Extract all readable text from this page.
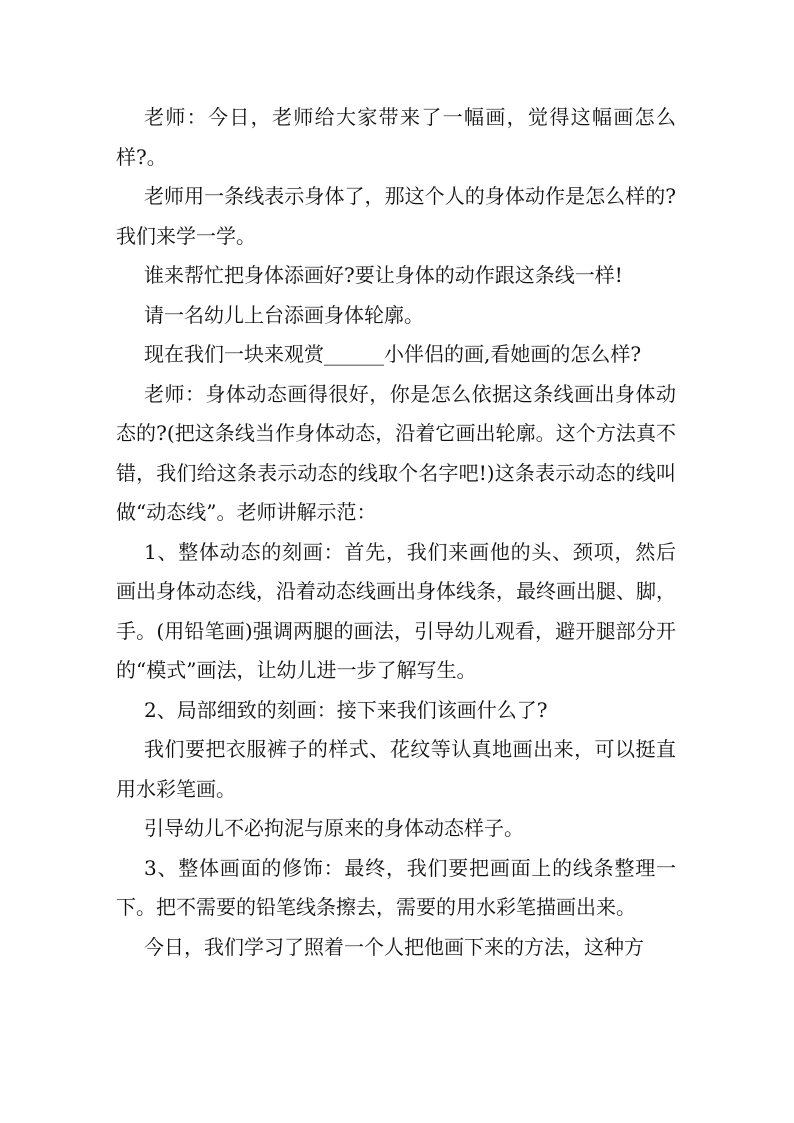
老师：今日，老师给大家带来了一幅画，觉得这幅画怎么样?。

老师用一条线表示身体了，那这个人的身体动作是怎么样的?我们来学一学。

谁来帮忙把身体添画好?要让身体的动作跟这条线一样!

请一名幼儿上台添画身体轮廓。

现在我们一块来观赏______小伴侣的画,看她画的怎么样?

老师：身体动态画得很好，你是怎么依据这条线画出身体动态的?(把这条线当作身体动态，沿着它画出轮廓。这个方法真不错，我们给这条表示动态的线取个名字吧!)这条表示动态的线叫做“动态线”。老师讲解示范：

1、整体动态的刻画：首先，我们来画他的头、颈项，然后画出身体动态线，沿着动态线画出身体线条，最终画出腿、脚，手。(用铅笔画)强调两腿的画法，引导幼儿观看，避开腿部分开的“模式”画法，让幼儿进一步了解写生。

2、局部细致的刻画：接下来我们该画什么了?

我们要把衣服裤子的样式、花纹等认真地画出来，可以挺直用水彩笔画。

引导幼儿不必拘泥与原来的身体动态样子。

3、整体画面的修饰：最终，我们要把画面上的线条整理一下。把不需要的铅笔线条擦去，需要的用水彩笔描画出来。

今日，我们学习了照着一个人把他画下来的方法，这种方
